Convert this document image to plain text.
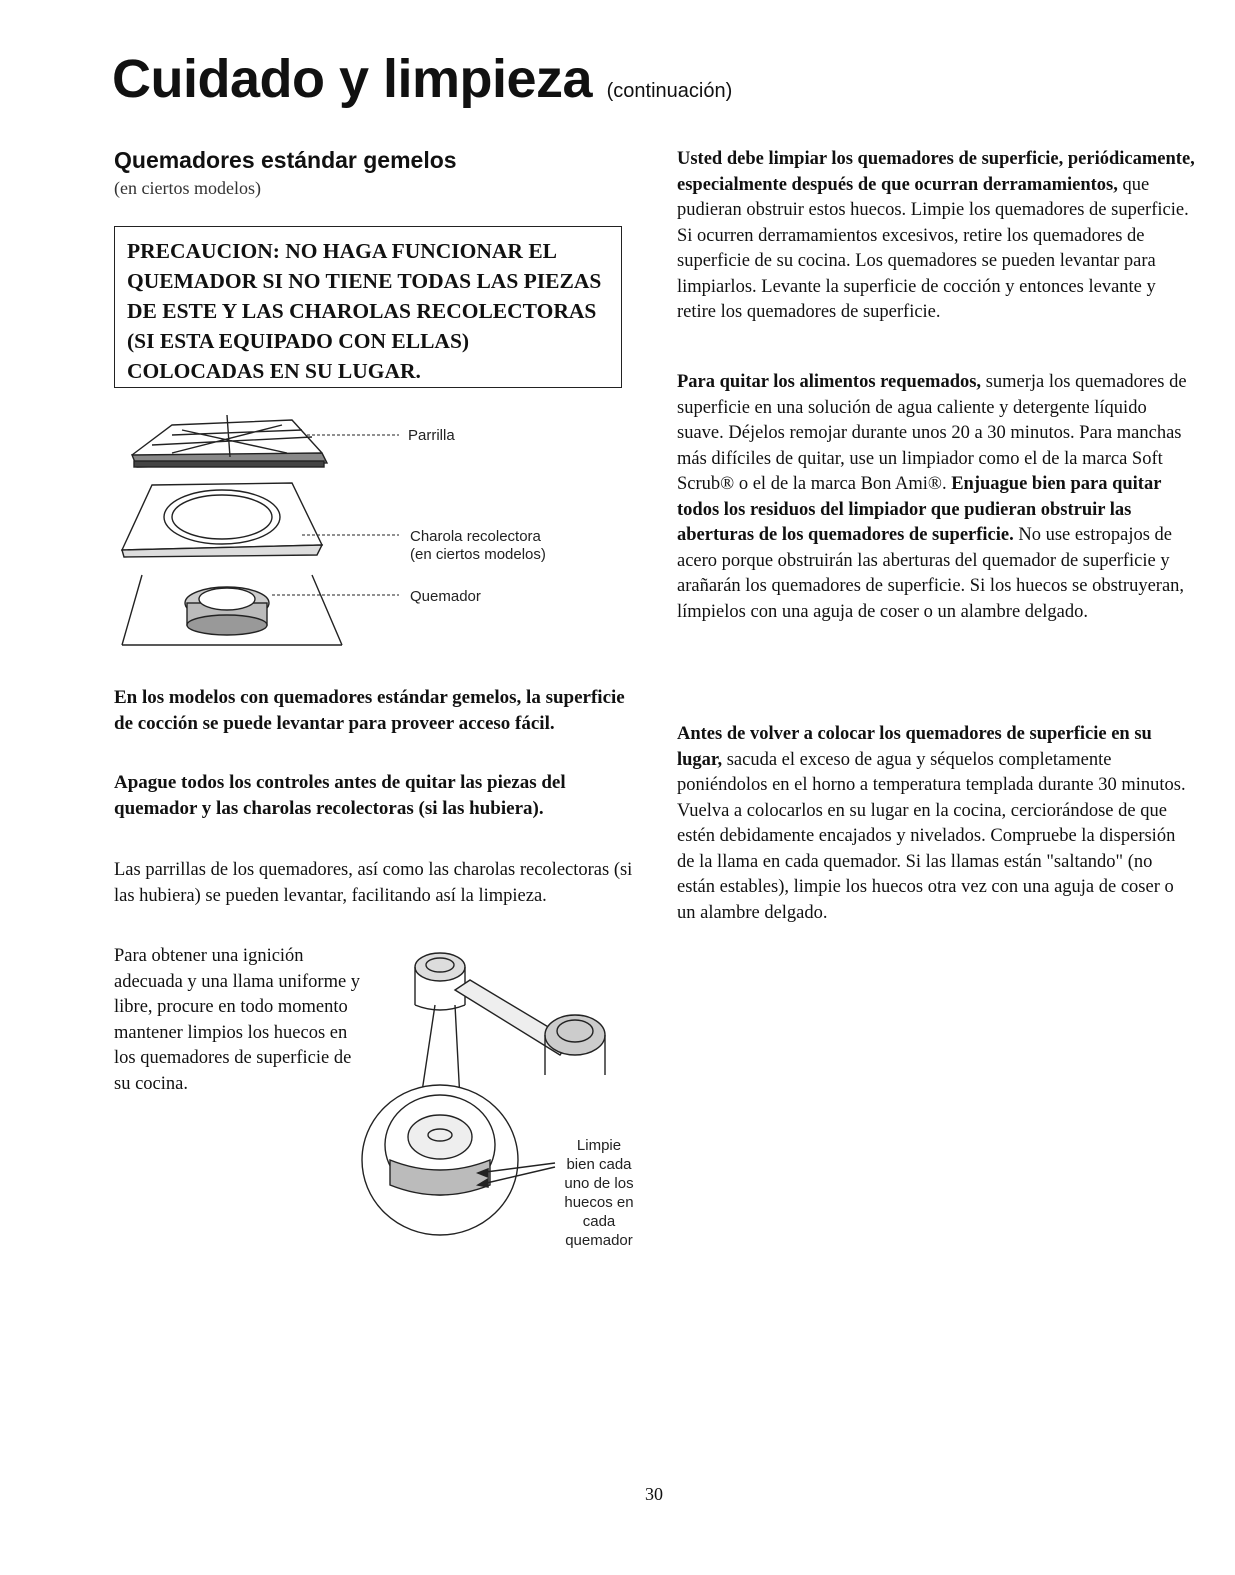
Cuidado y limpieza (continuación)
Quemadores estándar gemelos
(en ciertos modelos)
PRECAUCION: NO HAGA FUNCIONAR EL QUEMADOR SI NO TIENE TODAS LAS PIEZAS DE ESTE Y LAS CHAROLAS RECOLECTORAS (SI ESTA EQUIPADO CON ELLAS) COLOCADAS EN SU LUGAR.
Parrilla
Charola recolectora
(en ciertos modelos)
Quemador
En los modelos con quemadores estándar gemelos, la superficie de cocción se puede levantar para proveer acceso fácil.
Apague todos los controles antes de quitar las piezas del quemador y las charolas recolectoras (si las hubiera).
Las parrillas de los quemadores, así como las charolas recolectoras (si las hubiera) se pueden levantar, facilitando así la limpieza.
Para obtener una ignición adecuada y una llama uniforme y libre, procure en todo momento mantener limpios los huecos en los quemadores de superficie de su cocina.
Limpie
bien cada
uno de los
huecos en
cada
quemador
Usted debe limpiar los quemadores de superficie, periódicamente, especialmente después de que ocurran derramamientos, que pudieran obstruir estos huecos. Limpie los quemadores de superficie. Si ocurren derramamientos excesivos, retire los quemadores de superficie de su cocina. Los quemadores se pueden levantar para limpiarlos. Levante la superficie de cocción y entonces levante y retire los quemadores de superficie.
Para quitar los alimentos requemados, sumerja los quemadores de superficie en una solución de agua caliente y detergente líquido suave. Déjelos remojar durante unos 20 a 30 minutos. Para manchas más difíciles de quitar, use un limpiador como el de la marca Soft Scrub® o el de la marca Bon Ami®. Enjuague bien para quitar todos los residuos del limpiador que pudieran obstruir las aberturas de los quemadores de superficie. No use estropajos de acero porque obstruirán las aberturas del quemador de superficie y arañarán los quemadores de superficie. Si los huecos se obstruyeran, límpielos con una aguja de coser o un alambre delgado.
Antes de volver a colocar los quemadores de superficie en su lugar, sacuda el exceso de agua y séquelos completamente poniéndolos en el horno a temperatura templada durante 30 minutos. Vuelva a colocarlos en su lugar en la cocina, cerciorándose de que estén debidamente encajados y nivelados. Compruebe la dispersión de la llama en cada quemador. Si las llamas están "saltando" (no están estables), limpie los huecos otra vez con una aguja de coser o un alambre delgado.
30
